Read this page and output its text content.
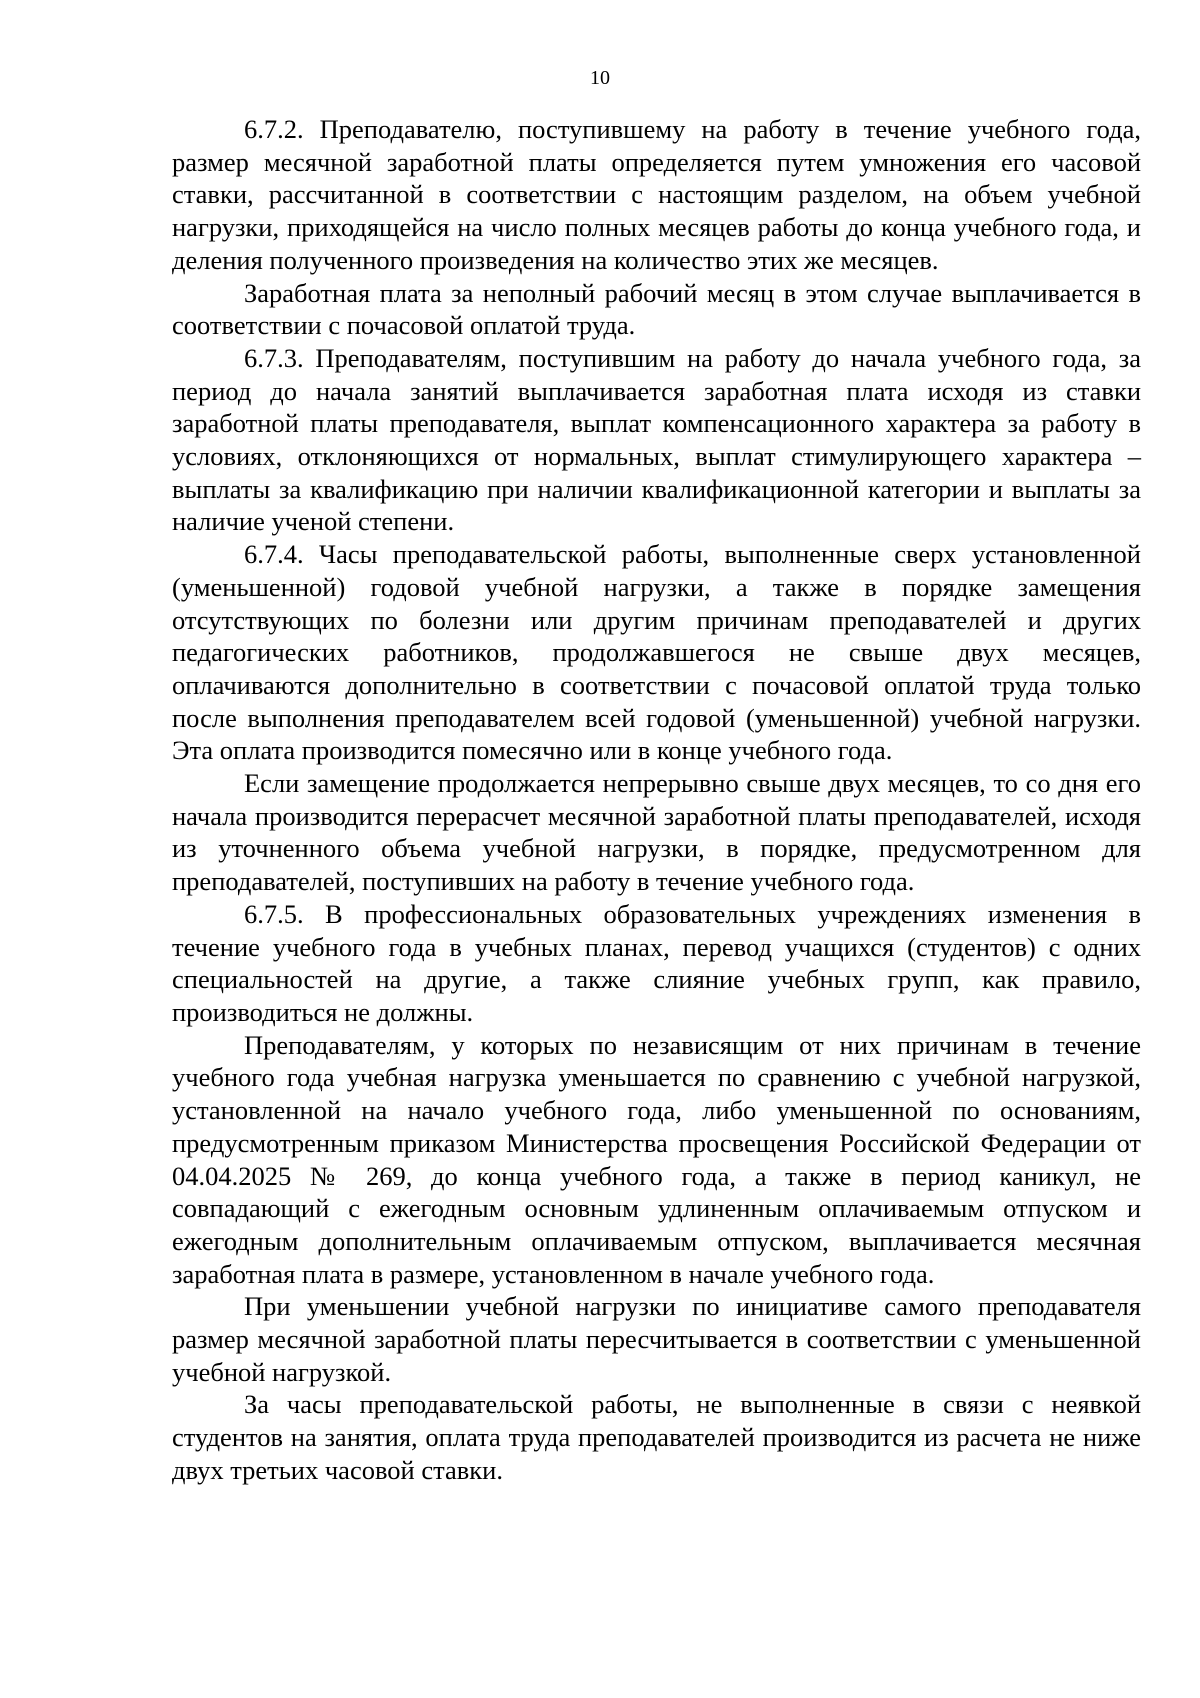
10

6.7.2. Преподавателю, поступившему на работу в течение учебного года, размер месячной заработной платы определяется путем умножения его часовой ставки, рассчитанной в соответствии с настоящим разделом, на объем учебной нагрузки, приходящейся на число полных месяцев работы до конца учебного года, и деления полученного произведения на количество этих же месяцев.

Заработная плата за неполный рабочий месяц в этом случае выплачивается в соответствии с почасовой оплатой труда.

6.7.3. Преподавателям, поступившим на работу до начала учебного года, за период до начала занятий выплачивается заработная плата исходя из ставки заработной платы преподавателя, выплат компенсационного характера за работу в условиях, отклоняющихся от нормальных, выплат стимулирующего характера – выплаты за квалификацию при наличии квалификационной категории и выплаты за наличие ученой степени.

6.7.4. Часы преподавательской работы, выполненные сверх установленной (уменьшенной) годовой учебной нагрузки, а также в порядке замещения отсутствующих по болезни или другим причинам преподавателей и других педагогических работников, продолжавшегося не свыше двух месяцев, оплачиваются дополнительно в соответствии с почасовой оплатой труда только после выполнения преподавателем всей годовой (уменьшенной) учебной нагрузки. Эта оплата производится помесячно или в конце учебного года.

Если замещение продолжается непрерывно свыше двух месяцев, то со дня его начала производится перерасчет месячной заработной платы преподавателей, исходя из уточненного объема учебной нагрузки, в порядке, предусмотренном для преподавателей, поступивших на работу в течение учебного года.

6.7.5. В профессиональных образовательных учреждениях изменения в течение учебного года в учебных планах, перевод учащихся (студентов) с одних специальностей на другие, а также слияние учебных групп, как правило, производиться не должны.

Преподавателям, у которых по независящим от них причинам в течение учебного года учебная нагрузка уменьшается по сравнению с учебной нагрузкой, установленной на начало учебного года, либо уменьшенной по основаниям, предусмотренным приказом Министерства просвещения Российской Федерации от 04.04.2025 № 269, до конца учебного года, а также в период каникул, не совпадающий с ежегодным основным удлиненным оплачиваемым отпуском и ежегодным дополнительным оплачиваемым отпуском, выплачивается месячная заработная плата в размере, установленном в начале учебного года.

При уменьшении учебной нагрузки по инициативе самого преподавателя размер месячной заработной платы пересчитывается в соответствии с уменьшенной учебной нагрузкой.

За часы преподавательской работы, не выполненные в связи с неявкой студентов на занятия, оплата труда преподавателей производится из расчета не ниже двух третьих часовой ставки.
